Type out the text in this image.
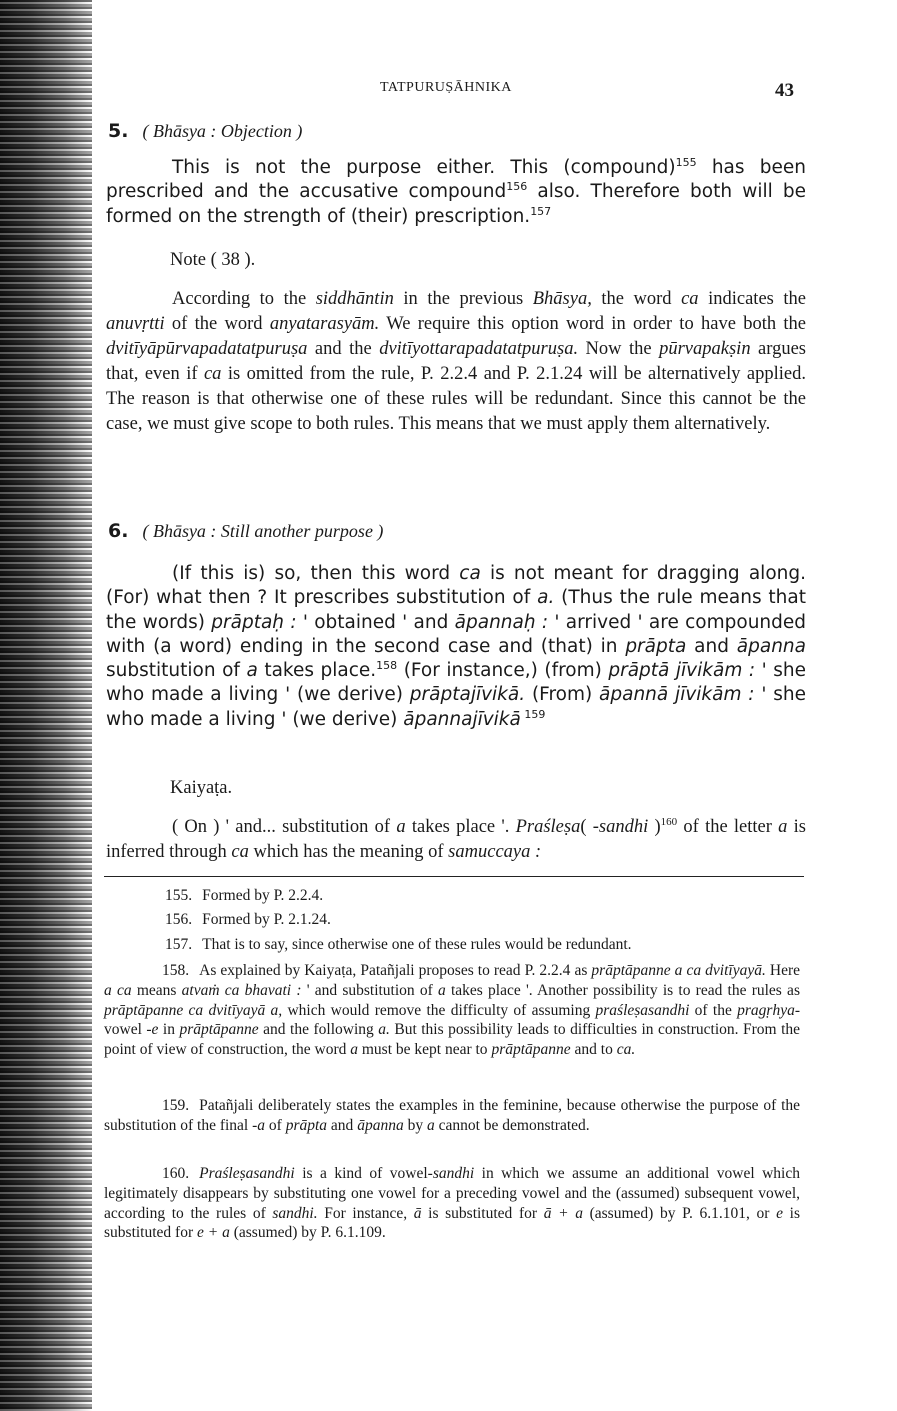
TATPURUṢĀHNIKA	43
5. ( Bhāsya : Objection )
This is not the purpose either. This (compound)$^{155}$ has been prescribed and the accusative compound$^{156}$ also. Therefore both will be formed on the strength of (their) prescription.$^{157}$
Note ( 38 ).
According to the siddhāntin in the previous Bhāsya, the word ca indicates the anuvṛtti of the word anyatarasyām. We require this option word in order to have both the dvitīyāpūrvapadatatpuruṣa and the dvitīyottarapadatatpuruṣa. Now the pūrvapakṣin argues that, even if ca is omitted from the rule, P. 2.2.4 and P. 2.1.24 will be alternatively applied. The reason is that otherwise one of these rules will be redundant. Since this cannot be the case, we must give scope to both rules. This means that we must apply them alternatively.
6. ( Bhāsya : Still another purpose )
(If this is) so, then this word ca is not meant for dragging along. (For) what then ? It prescribes substitution of a. (Thus the rule means that the words) prāptaḥ : ' obtained ' and āpannaḥ : ' arrived ' are compounded with (a word) ending in the second case and (that) in prāpta and āpanna substitution of a takes place.$^{158}$ (For instance,) (from) prāptā jīvikām : ' she who made a living ' (we derive) prāptajīvikā. (From) āpannā jīvikām : ' she who made a living ' (we derive) āpannajīvikā $^{159}$
Kaiyaṭa.
( On ) ' and... substitution of a takes place '. Praśleṣa( -sandhi )$^{160}$ of the letter a is inferred through ca which has the meaning of samuccaya :
155. Formed by P. 2.2.4.
156. Formed by P. 2.1.24.
157. That is to say, since otherwise one of these rules would be redundant.
158. As explained by Kaiyaṭa, Patañjali proposes to read P. 2.2.4 as prāptāpanne a ca dvitīyayā. Here a ca means atvaṁ ca bhavati : ' and substitution of a takes place '. Another possibility is to read the rules as prāptāpanne ca dvitīyayā a, which would remove the difficulty of assuming praśleṣasandhi of the pragṛhya-vowel -e in prāptāpanne and the following a. But this possibility leads to difficulties in construction. From the point of view of construction, the word a must be kept near to prāptāpanne and to ca.
159. Patañjali deliberately states the examples in the feminine, because otherwise the purpose of the substitution of the final -a of prāpta and āpanna by a cannot be demonstrated.
160. Praśleṣasandhi is a kind of vowel-sandhi in which we assume an additional vowel which legitimately disappears by substituting one vowel for a preceding vowel and the (assumed) subsequent vowel, according to the rules of sandhi. For instance, ā is substituted for ā + a (assumed) by P. 6.1.101, or e is substituted for e + a (assumed) by P. 6.1.109.
